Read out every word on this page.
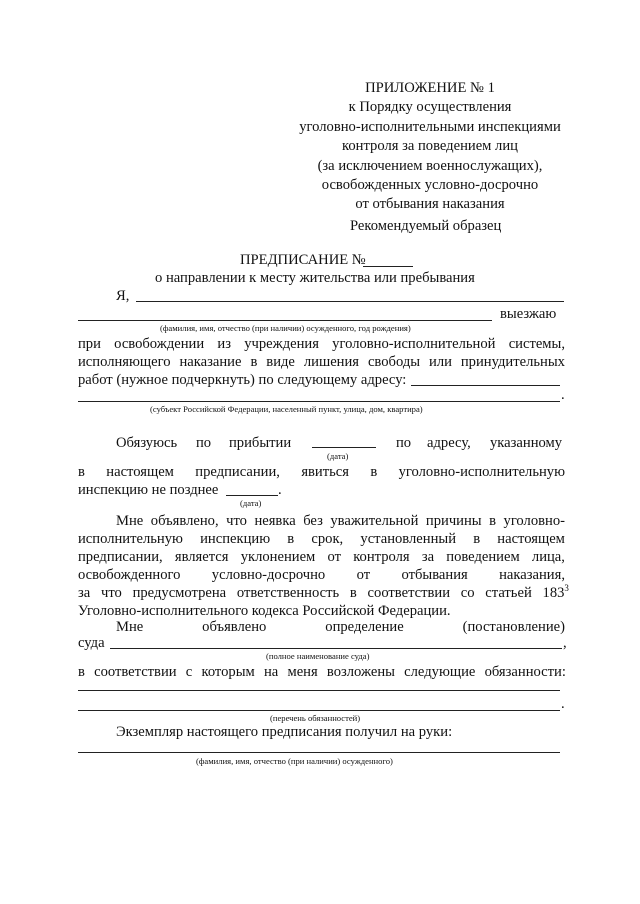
ПРИЛОЖЕНИЕ № 1
к Порядку осуществления
уголовно-исполнительными инспекциями
контроля за поведением лиц
(за исключением военнослужащих),
освобожденных условно-досрочно
от отбывания наказания
Рекомендуемый образец
ПРЕДПИСАНИЕ №
о направлении к месту жительства или пребывания
Я,
выезжаю
(фамилия, имя, отчество (при наличии) осужденного, год рождения)
при освобождении из учреждения уголовно-исполнительной системы,
исполняющего наказание в виде лишения свободы или принудительных
работ (нужное подчеркнуть) по следующему адресу:
.
(субъект Российской Федерации, населенный пункт, улица, дом, квартира)
Обязуюсь по прибытии	по адресу, указанному
(дата)
в настоящем предписании, явиться в уголовно-исполнительную
инспекцию не позднее	.
(дата)
Мне объявлено, что неявка без уважительной причины в уголовно-
исполнительную инспекцию в срок, установленный в настоящем
предписании, является уклонением от контроля за поведением лица,
освобожденного условно-досрочно от отбывания наказания,
за что предусмотрена ответственность в соответствии со статьей $183^3$
Уголовно-исполнительного кодекса Российской Федерации.
Мне	объявлено	определение	(постановление)
суда	,
(полное наименование суда)
в соответствии с которым на меня возложены следующие обязанности:
.
(перечень обязанностей)
Экземпляр настоящего предписания получил на руки:
(фамилия, имя, отчество (при наличии) осужденного)
